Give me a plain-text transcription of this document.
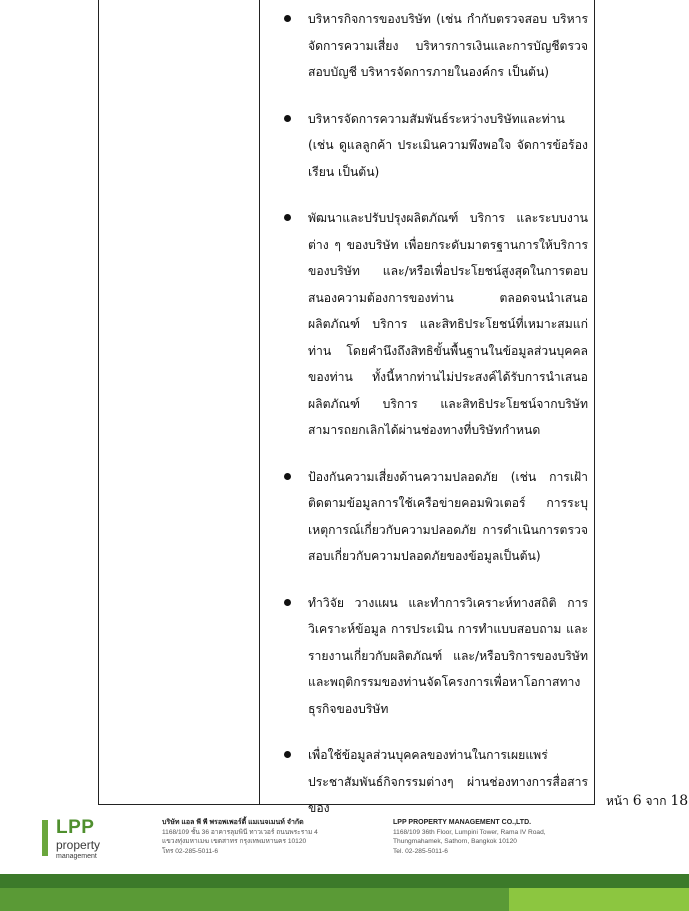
บริหารกิจการของบริษัท (เช่น กำกับตรวจสอบ บริหารจัดการความเสี่ยง บริหารการเงินและการบัญชีตรวจสอบบัญชี บริหารจัดการภายในองค์กร เป็นต้น)
บริหารจัดการความสัมพันธ์ระหว่างบริษัทและท่าน (เช่น ดูแลลูกค้า ประเมินความพึงพอใจ จัดการข้อร้องเรียน เป็นต้น)
พัฒนาและปรับปรุงผลิตภัณฑ์ บริการ และระบบงานต่าง ๆ ของบริษัท เพื่อยกระดับมาตรฐานการให้บริการของบริษัท และ/หรือเพื่อประโยชน์สูงสุดในการตอบสนองความต้องการของท่าน ตลอดจนนำเสนอผลิตภัณฑ์ บริการ และสิทธิประโยชน์ที่เหมาะสมแก่ท่าน โดยคำนึงถึงสิทธิขั้นพื้นฐานในข้อมูลส่วนบุคคลของท่าน ทั้งนี้หากท่านไม่ประสงค์ได้รับการนำเสนอผลิตภัณฑ์ บริการ และสิทธิประโยชน์จากบริษัท สามารถยกเลิกได้ผ่านช่องทางที่บริษัทกำหนด
ป้องกันความเสี่ยงด้านความปลอดภัย (เช่น การเฝ้าติดตามข้อมูลการใช้เครือข่ายคอมพิวเตอร์ การระบุเหตุการณ์เกี่ยวกับความปลอดภัย การดำเนินการตรวจสอบเกี่ยวกับความปลอดภัยของข้อมูลเป็นต้น)
ทำวิจัย วางแผน และทำการวิเคราะห์ทางสถิติ การวิเคราะห์ข้อมูล การประเมิน การทำแบบสอบถาม และรายงานเกี่ยวกับผลิตภัณฑ์ และ/หรือบริการของบริษัทและพฤติกรรมของท่านจัดโครงการเพื่อหาโอกาสทางธุรกิจของบริษัท
เพื่อใช้ข้อมูลส่วนบุคคลของท่านในการเผยแพร่ประชาสัมพันธ์กิจกรรมต่างๆ ผ่านช่องทางการสื่อสารของ	หน้า 6 จาก 18
LPP
property
management
บริษัท แอล พี พี พรอพเพอร์ตี้ แมเนจเมนท์ จำกัด
1168/109 ชั้น 36 อาคารลุมพินี ทาวเวอร์ ถนนพระราม 4
แขวงทุ่งมหาเมฆ เขตสาทร กรุงเทพมหานคร 10120
โทร 02-285-5011-6
LPP PROPERTY MANAGEMENT CO.,LTD.
1168/109 36th Floor, Lumpini Tower, Rama IV Road,
Thungmahamek, Sathorn, Bangkok 10120
Tel. 02-285-5011-6
